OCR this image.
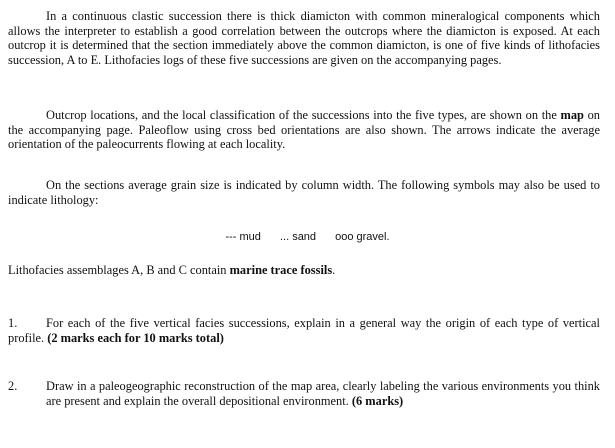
In a continuous clastic succession there is thick diamicton with common mineralogical components which allows the interpreter to establish a good correlation between the outcrops where the diamicton is exposed. At each outcrop it is determined that the section immediately above the common diamicton, is one of five kinds of lithofacies succession, A to E. Lithofacies logs of these five successions are given on the accompanying pages.

Outcrop locations, and the local classification of the successions into the five types, are shown on the map on the accompanying page. Paleoflow using cross bed orientations are also shown. The arrows indicate the average orientation of the paleocurrents flowing at each locality.

On the sections average grain size is indicated by column width. The following symbols may also be used to indicate lithology:

--- mud ... sand ooo gravel.

Lithofacies assemblages A, B and C contain marine trace fossils.

1. For each of the five vertical facies successions, explain in a general way the origin of each type of vertical profile. (2 marks each for 10 marks total)
2.	Draw in a paleogeographic reconstruction of the map area, clearly labeling the various environments you think are present and explain the overall depositional environment. (6 marks)
